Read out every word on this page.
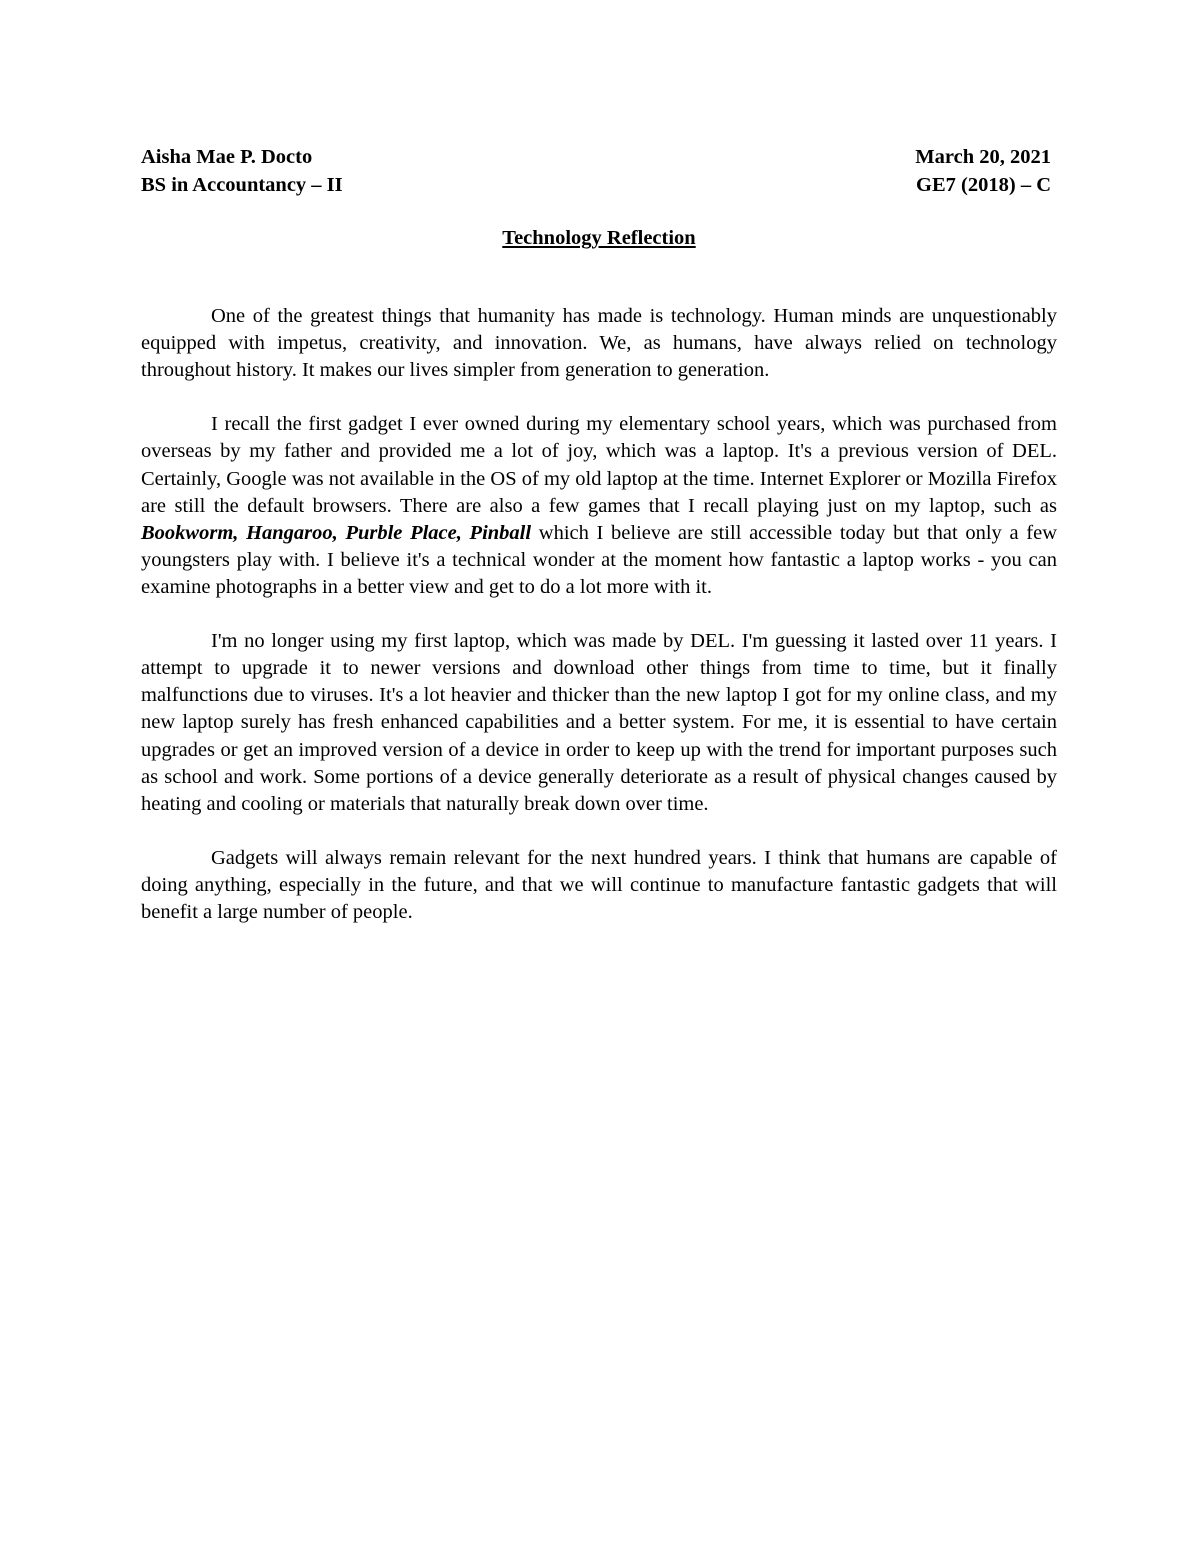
Aisha Mae P. Docto	March 20, 2021
BS in Accountancy – II	GE7 (2018) – C
Technology Reflection

One of the greatest things that humanity has made is technology. Human minds are unquestionably equipped with impetus, creativity, and innovation. We, as humans, have always relied on technology throughout history. It makes our lives simpler from generation to generation.

I recall the first gadget I ever owned during my elementary school years, which was purchased from overseas by my father and provided me a lot of joy, which was a laptop. It's a previous version of DEL. Certainly, Google was not available in the OS of my old laptop at the time. Internet Explorer or Mozilla Firefox are still the default browsers. There are also a few games that I recall playing just on my laptop, such as Bookworm, Hangaroo, Purble Place, Pinball which I believe are still accessible today but that only a few youngsters play with. I believe it's a technical wonder at the moment how fantastic a laptop works - you can examine photographs in a better view and get to do a lot more with it.

I'm no longer using my first laptop, which was made by DEL. I'm guessing it lasted over 11 years. I attempt to upgrade it to newer versions and download other things from time to time, but it finally malfunctions due to viruses. It's a lot heavier and thicker than the new laptop I got for my online class, and my new laptop surely has fresh enhanced capabilities and a better system. For me, it is essential to have certain upgrades or get an improved version of a device in order to keep up with the trend for important purposes such as school and work. Some portions of a device generally deteriorate as a result of physical changes caused by heating and cooling or materials that naturally break down over time.

Gadgets will always remain relevant for the next hundred years. I think that humans are capable of doing anything, especially in the future, and that we will continue to manufacture fantastic gadgets that will benefit a large number of people.
